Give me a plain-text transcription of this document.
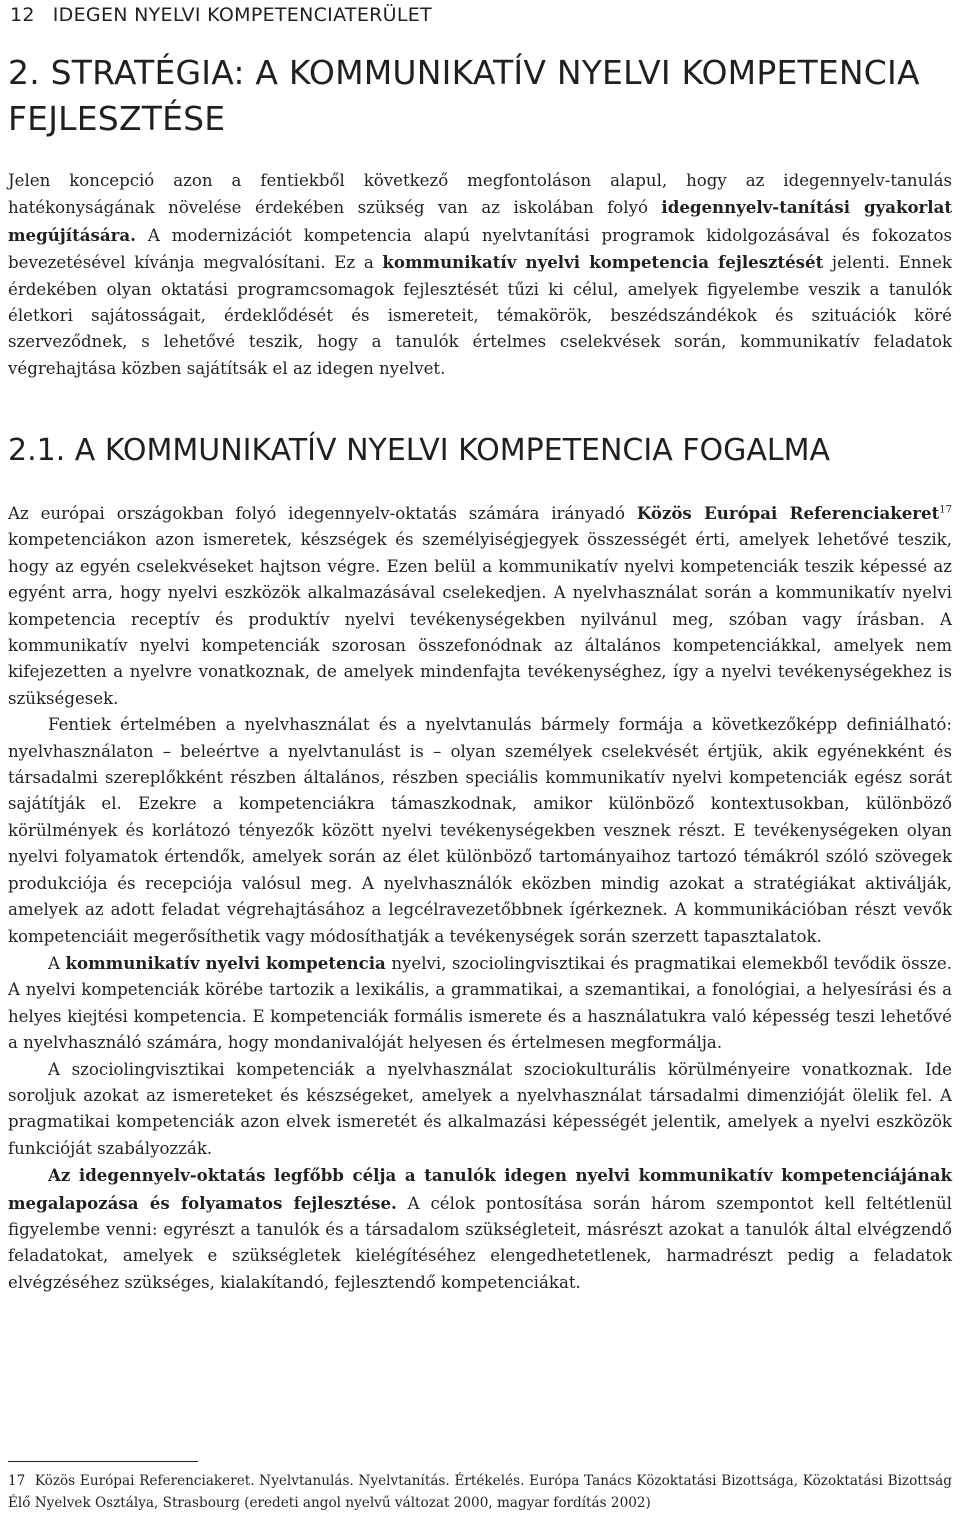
12 IDEGEN NYELVI KOMPETENCIATERÜLET
2. STRATÉGIA: A KOMMUNIKATÍV NYELVI KOMPETENCIA FEJLESZTÉSE

Jelen koncepció azon a fentiekből következő megfontoláson alapul, hogy az idegennyelv-tanulás hatékonyságának növelése érdekében szükség van az iskolában folyó idegennyelv-tanítási gyakorlat megújítására. A modernizációt kompetencia alapú nyelvtanítási programok kidolgozásával és fokozatos bevezetésével kívánja megvalósítani. Ez a kommunikatív nyelvi kompetencia fejlesztését jelenti. Ennek érdekében olyan oktatási programcsomagok fejlesztését tűzi ki célul, amelyek figyelembe veszik a tanulók életkori sajátosságait, érdeklődését és ismereteit, témakörök, beszédszándékok és szituációk köré szerveződnek, s lehetővé teszik, hogy a tanulók értelmes cselekvések során, kommunikatív feladatok végrehajtása közben sajátítsák el az idegen nyelvet.

2.1. A KOMMUNIKATÍV NYELVI KOMPETENCIA FOGALMA

Az európai országokban folyó idegennyelv-oktatás számára irányadó Közös Európai Referenciakeret$^{17}$ kompetenciákon azon ismeretek, készségek és személyiségjegyek összességét érti, amelyek lehetővé teszik, hogy az egyén cselekvéseket hajtson végre. Ezen belül a kommunikatív nyelvi kompetenciák teszik képessé az egyént arra, hogy nyelvi eszközök alkalmazásával cselekedjen. A nyelvhasználat során a kommunikatív nyelvi kompetencia receptív és produktív nyelvi tevékenységekben nyilvánul meg, szóban vagy írásban. A kommunikatív nyelvi kompetenciák szorosan összefonódnak az általános kompetenciákkal, amelyek nem kifejezetten a nyelvre vonatkoznak, de amelyek mindenfajta tevékenységhez, így a nyelvi tevékenységekhez is szükségesek.

Fentiek értelmében a nyelvhasználat és a nyelvtanulás bármely formája a következőképp definiálható: nyelvhasználaton – beleértve a nyelvtanulást is – olyan személyek cselekvését értjük, akik egyénekként és társadalmi szereplőkként részben általános, részben speciális kommunikatív nyelvi kompetenciák egész sorát sajátítják el. Ezekre a kompetenciákra támaszkodnak, amikor különböző kontextusokban, különböző körülmények és korlátozó tényezők között nyelvi tevékenységekben vesznek részt. E tevékenységeken olyan nyelvi folyamatok értendők, amelyek során az élet különböző tartományaihoz tartozó témákról szóló szövegek produkciója és recepciója valósul meg. A nyelvhasználók eközben mindig azokat a stratégiákat aktiválják, amelyek az adott feladat végrehajtásához a legcélravezetőbbnek ígérkeznek. A kommunikációban részt vevők kompetenciáit megerősíthetik vagy módosíthatják a tevékenységek során szerzett tapasztalatok.

A kommunikatív nyelvi kompetencia nyelvi, szociolingvisztikai és pragmatikai elemekből tevődik össze. A nyelvi kompetenciák körébe tartozik a lexikális, a grammatikai, a szemantikai, a fonológiai, a helyesírási és a helyes kiejtési kompetencia. E kompetenciák formális ismerete és a használatukra való képesség teszi lehetővé a nyelvhasználó számára, hogy mondanivalóját helyesen és értelmesen megformálja.

A szociolingvisztikai kompetenciák a nyelvhasználat szociokulturális körülményeire vonatkoznak. Ide soroljuk azokat az ismereteket és készségeket, amelyek a nyelvhasználat társadalmi dimenzióját ölelik fel. A pragmatikai kompetenciák azon elvek ismeretét és alkalmazási képességét jelentik, amelyek a nyelvi eszközök funkcióját szabályozzák.

Az idegennyelv-oktatás legfőbb célja a tanulók idegen nyelvi kommunikatív kompetenciájának megalapozása és folyamatos fejlesztése. A célok pontosítása során három szempontot kell feltétlenül figyelembe venni: egyrészt a tanulók és a társadalom szükségleteit, másrészt azokat a tanulók által elvégzendő feladatokat, amelyek e szükségletek kielégítéséhez elengedhetetlenek, harmadrészt pedig a feladatok elvégzéséhez szükséges, kialakítandó, fejlesztendő kompetenciákat.

17 Közös Európai Referenciakeret. Nyelvtanulás. Nyelvtanítás. Értékelés. Európa Tanács Közoktatási Bizottsága, Közoktatási Bizottság Élő Nyelvek Osztálya, Strasbourg (eredeti angol nyelvű változat 2000, magyar fordítás 2002)
